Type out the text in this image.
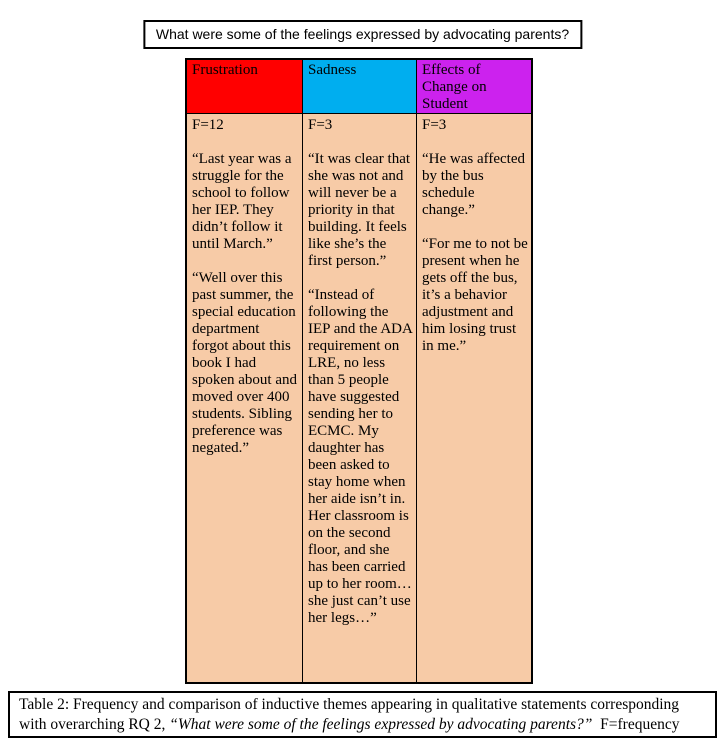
What were some of the feelings expressed by advocating parents?
Frustration

F=12

“Last year was a struggle for the school to follow her IEP. They didn’t follow it until March.”

“Well over this past summer, the special education department forgot about this book I had spoken about and moved over 400 students. Sibling preference was negated.”

Sadness

F=3

“It was clear that she was not and will never be a priority in that building. It feels like she’s the first person.”

“Instead of following the IEP and the ADA requirement on LRE, no less than 5 people have suggested sending her to ECMC. My daughter has been asked to stay home when her aide isn’t in. Her classroom is on the second floor, and she has been carried up to her room…she just can’t use her legs…”

Effects of Change on Student

F=3

“He was affected by the bus schedule change.”

“For me to not be present when he gets off the bus, it’s a behavior adjustment and him losing trust in me.”

Table 2: Frequency and comparison of inductive themes appearing in qualitative statements corresponding with overarching RQ 2, “What were some of the feelings expressed by advocating parents?”  F=frequency
